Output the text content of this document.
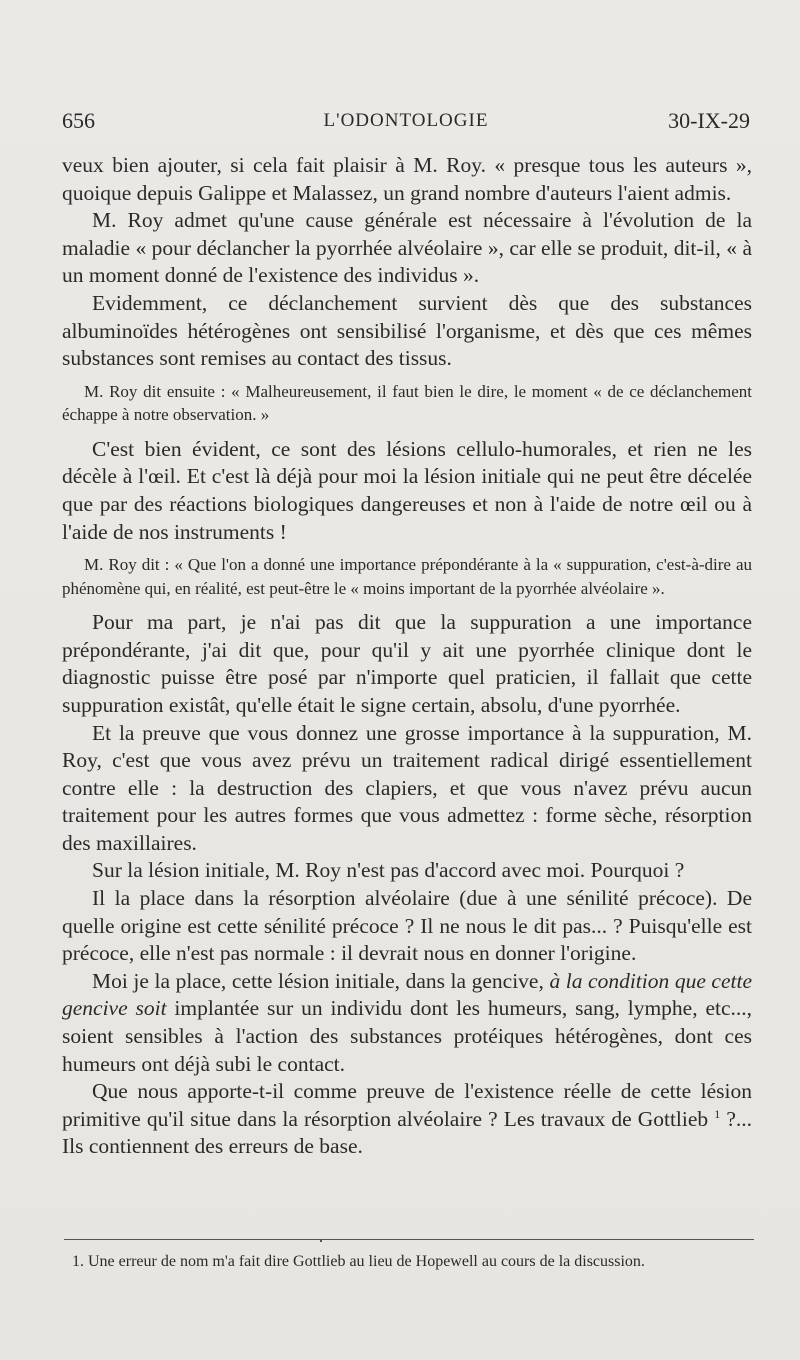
656	L'ODONTOLOGIE	30-IX-29

veux bien ajouter, si cela fait plaisir à M. Roy. « presque tous les auteurs », quoique depuis Galippe et Malassez, un grand nombre d'auteurs l'aient admis.

M. Roy admet qu'une cause générale est nécessaire à l'évolution de la maladie « pour déclancher la pyorrhée alvéolaire », car elle se produit, dit-il, « à un moment donné de l'existence des individus ».

Evidemment, ce déclanchement survient dès que des substances albuminoïdes hétérogènes ont sensibilisé l'organisme, et dès que ces mêmes substances sont remises au contact des tissus.

M. Roy dit ensuite : « Malheureusement, il faut bien le dire, le moment « de ce déclanchement échappe à notre observation. »

C'est bien évident, ce sont des lésions cellulo-humorales, et rien ne les décèle à l'œil. Et c'est là déjà pour moi la lésion initiale qui ne peut être décelée que par des réactions biologiques dangereuses et non à l'aide de notre œil ou à l'aide de nos instruments !

M. Roy dit : « Que l'on a donné une importance prépondérante à la « suppuration, c'est-à-dire au phénomène qui, en réalité, est peut-être le « moins important de la pyorrhée alvéolaire ».

Pour ma part, je n'ai pas dit que la suppuration a une importance prépondérante, j'ai dit que, pour qu'il y ait une pyorrhée clinique dont le diagnostic puisse être posé par n'importe quel praticien, il fallait que cette suppuration existât, qu'elle était le signe certain, absolu, d'une pyorrhée.

Et la preuve que vous donnez une grosse importance à la suppuration, M. Roy, c'est que vous avez prévu un traitement radical dirigé essentiellement contre elle : la destruction des clapiers, et que vous n'avez prévu aucun traitement pour les autres formes que vous admettez : forme sèche, résorption des maxillaires.

Sur la lésion initiale, M. Roy n'est pas d'accord avec moi. Pourquoi ?

Il la place dans la résorption alvéolaire (due à une sénilité précoce). De quelle origine est cette sénilité précoce ? Il ne nous le dit pas... ? Puisqu'elle est précoce, elle n'est pas normale : il devrait nous en donner l'origine.

Moi je la place, cette lésion initiale, dans la gencive, à la condition que cette gencive soit implantée sur un individu dont les humeurs, sang, lymphe, etc..., soient sensibles à l'action des substances protéiques hétérogènes, dont ces humeurs ont déjà subi le contact.

Que nous apporte-t-il comme preuve de l'existence réelle de cette lésion primitive qu'il situe dans la résorption alvéolaire ? Les travaux de Gottlieb $^1$ ?... Ils contiennent des erreurs de base.

1. Une erreur de nom m'a fait dire Gottlieb au lieu de Hopewell au cours de la discussion.
